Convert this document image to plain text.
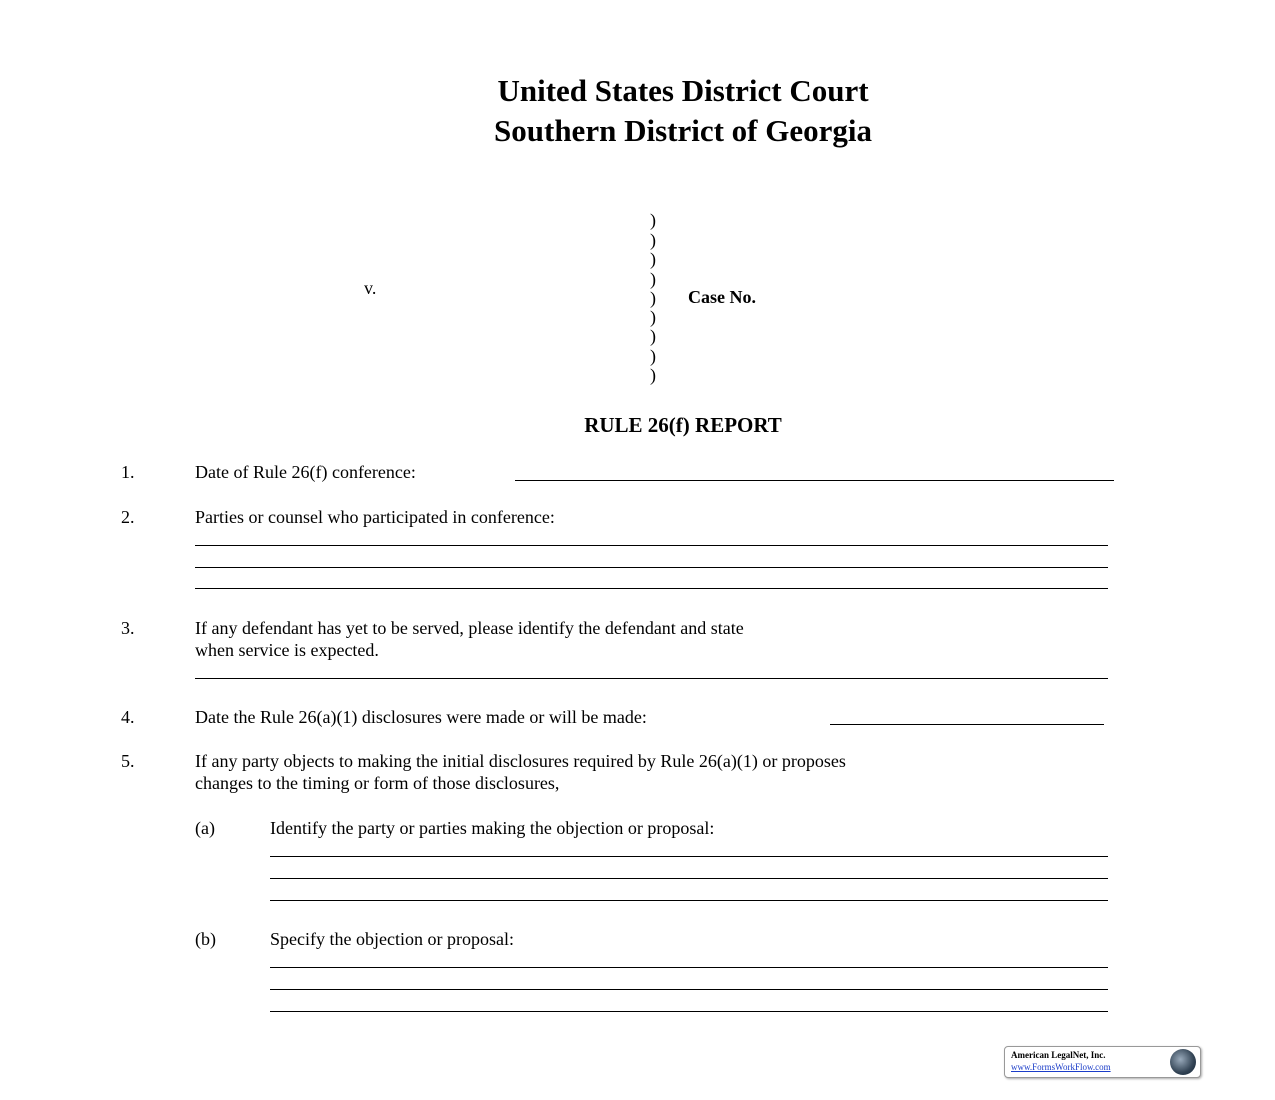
United States District Court
Southern District of Georgia
)
)
)
)
)
)
)
)
)
v.	Case No.
RULE 26(f) REPORT
1.	Date of Rule 26(f) conference:
2.	Parties or counsel who participated in conference:
3.	If any defendant has yet to be served, please identify the defendant and state
when service is expected.
4.	Date the Rule 26(a)(1) disclosures were made or will be made:
5.	If any party objects to making the initial disclosures required by Rule 26(a)(1) or proposes
changes to the timing or form of those disclosures,
(a)	Identify the party or parties making the objection or proposal:
(b)	Specify the objection or proposal:
American LegalNet, Inc.
www.FormsWorkFlow.com
